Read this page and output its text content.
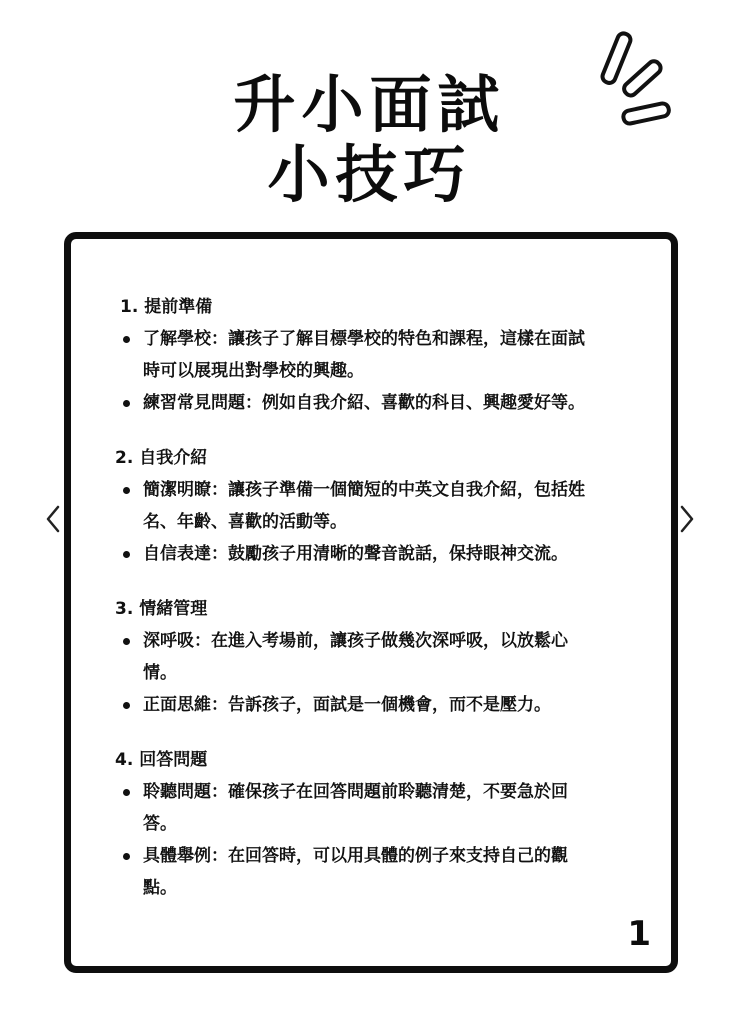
升小面試
小技巧
1. 提前準備
了解學校：讓孩子了解目標學校的特色和課程，這樣在面試
時可以展現出對學校的興趣。
練習常見問題：例如自我介紹、喜歡的科目、興趣愛好等。
2. 自我介紹
簡潔明瞭：讓孩子準備一個簡短的中英文自我介紹，包括姓
名、年齡、喜歡的活動等。
自信表達：鼓勵孩子用清晰的聲音說話，保持眼神交流。
3. 情緒管理
深呼吸：在進入考場前，讓孩子做幾次深呼吸，以放鬆心
情。
正面思維：告訴孩子，面試是一個機會，而不是壓力。
4. 回答問題
聆聽問題：確保孩子在回答問題前聆聽清楚，不要急於回
答。
具體舉例：在回答時，可以用具體的例子來支持自己的觀
點。
1
